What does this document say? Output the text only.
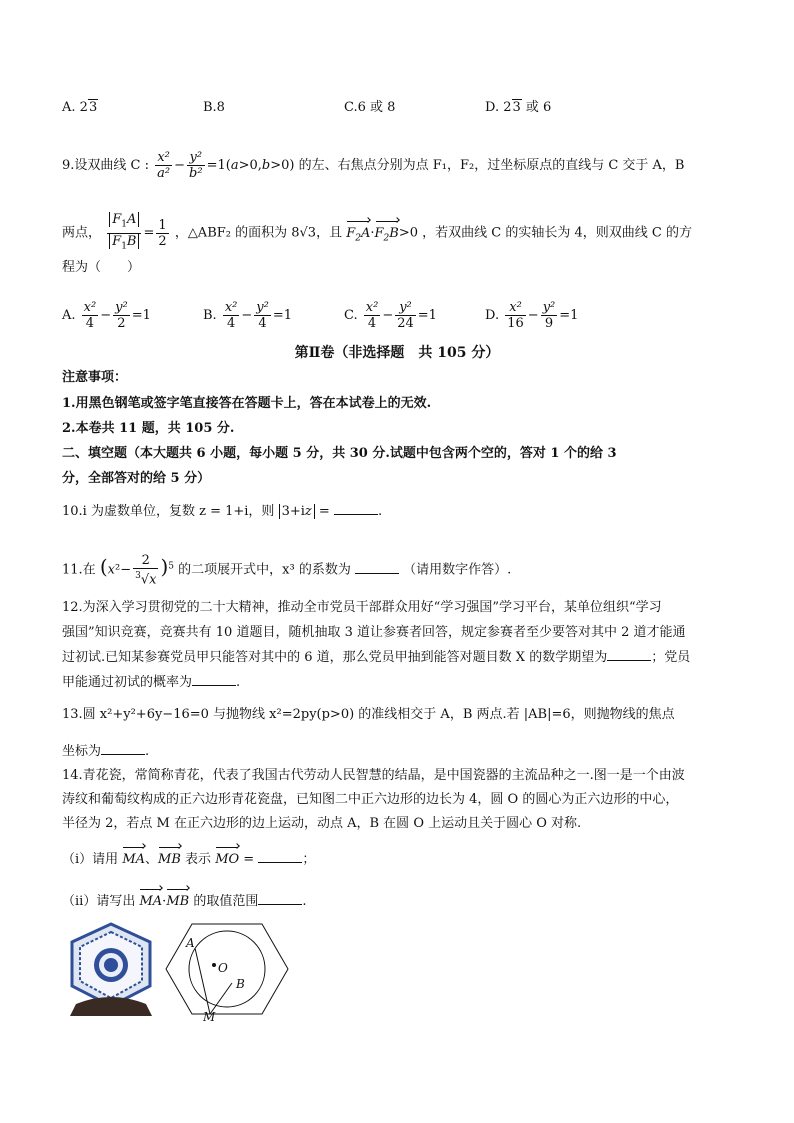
A. 23	B.8	C.6 或 8	D. 23 或 6
9.设双曲线 C : $\frac{\text{x²}}{\text{a²}} - \frac{\text{y²}}{\text{b²}} =1(a>0,b>0)$ 的左、右焦点分别为点 F₁，F₂，过坐标原点的直线与 C 交于 A，B
两点， $\frac{F_1A}{F_1B} = \frac{1}{2}$ ，△ABF₂ 的面积为 8√3，且 $F_2A\cdot F_2B>0$ ，若双曲线 C 的实轴长为 4，则双曲线 C 的方
程为（　　）
A. $\frac{\text{x²}}{4} - \frac{\text{y²}}{2} =1$	B. $\frac{\text{x²}}{4} - \frac{\text{y²}}{4} =1$	C. $\frac{\text{x²}}{4} - \frac{\text{y²}}{24} =1$	D. $\frac{\text{x²}}{16} - \frac{\text{y²}}{9} =1$
第Ⅱ卷（非选择题　共 105 分）
注意事项：
1.用黑色钢笔或签字笔直接答在答题卡上，答在本试卷上的无效.
2.本卷共 11 题，共 105 分.
二、填空题（本大题共 6 小题，每小题 5 分，共 30 分.试题中包含两个空的，答对 1 个的给 3
分，全部答对的给 5 分）
10.i 为虚数单位，复数 z = 1+i，则 3+iz =	.
11.在 $(x^2- \frac{2}{^3√x} )^5$ 的二项展开式中，x³ 的系数为	（请用数字作答）.
12.为深入学习贯彻党的二十大精神，推动全市党员干部群众用好“学习强国”学习平台，某单位组织“学习
强国”知识竞赛，竞赛共有 10 道题目，随机抽取 3 道让参赛者回答，规定参赛者至少要答对其中 2 道才能通
过初试.已知某参赛党员甲只能答对其中的 6 道，那么党员甲抽到能答对题目数 X 的数学期望为	；党员
甲能通过初试的概率为	.
13.圆 x²+y²+6y−16=0 与抛物线 x²=2py(p>0) 的准线相交于 A，B 两点.若 |AB|=6，则抛物线的焦点
坐标为	.
14.青花瓷，常简称青花，代表了我国古代劳动人民智慧的结晶，是中国瓷器的主流品种之一.图一是一个由波
涛纹和葡萄纹构成的正六边形青花瓷盘，已知图二中正六边形的边长为 4，圆 O 的圆心为正六边形的中心，
半径为 2，若点 M 在正六边形的边上运动，动点 A，B 在圆 O 上运动且关于圆心 O 对称.
（i）请用 MA、MB 表示 MO =	；
（ii）请写出 MA·MB 的取值范围	.
A
O
B
M
